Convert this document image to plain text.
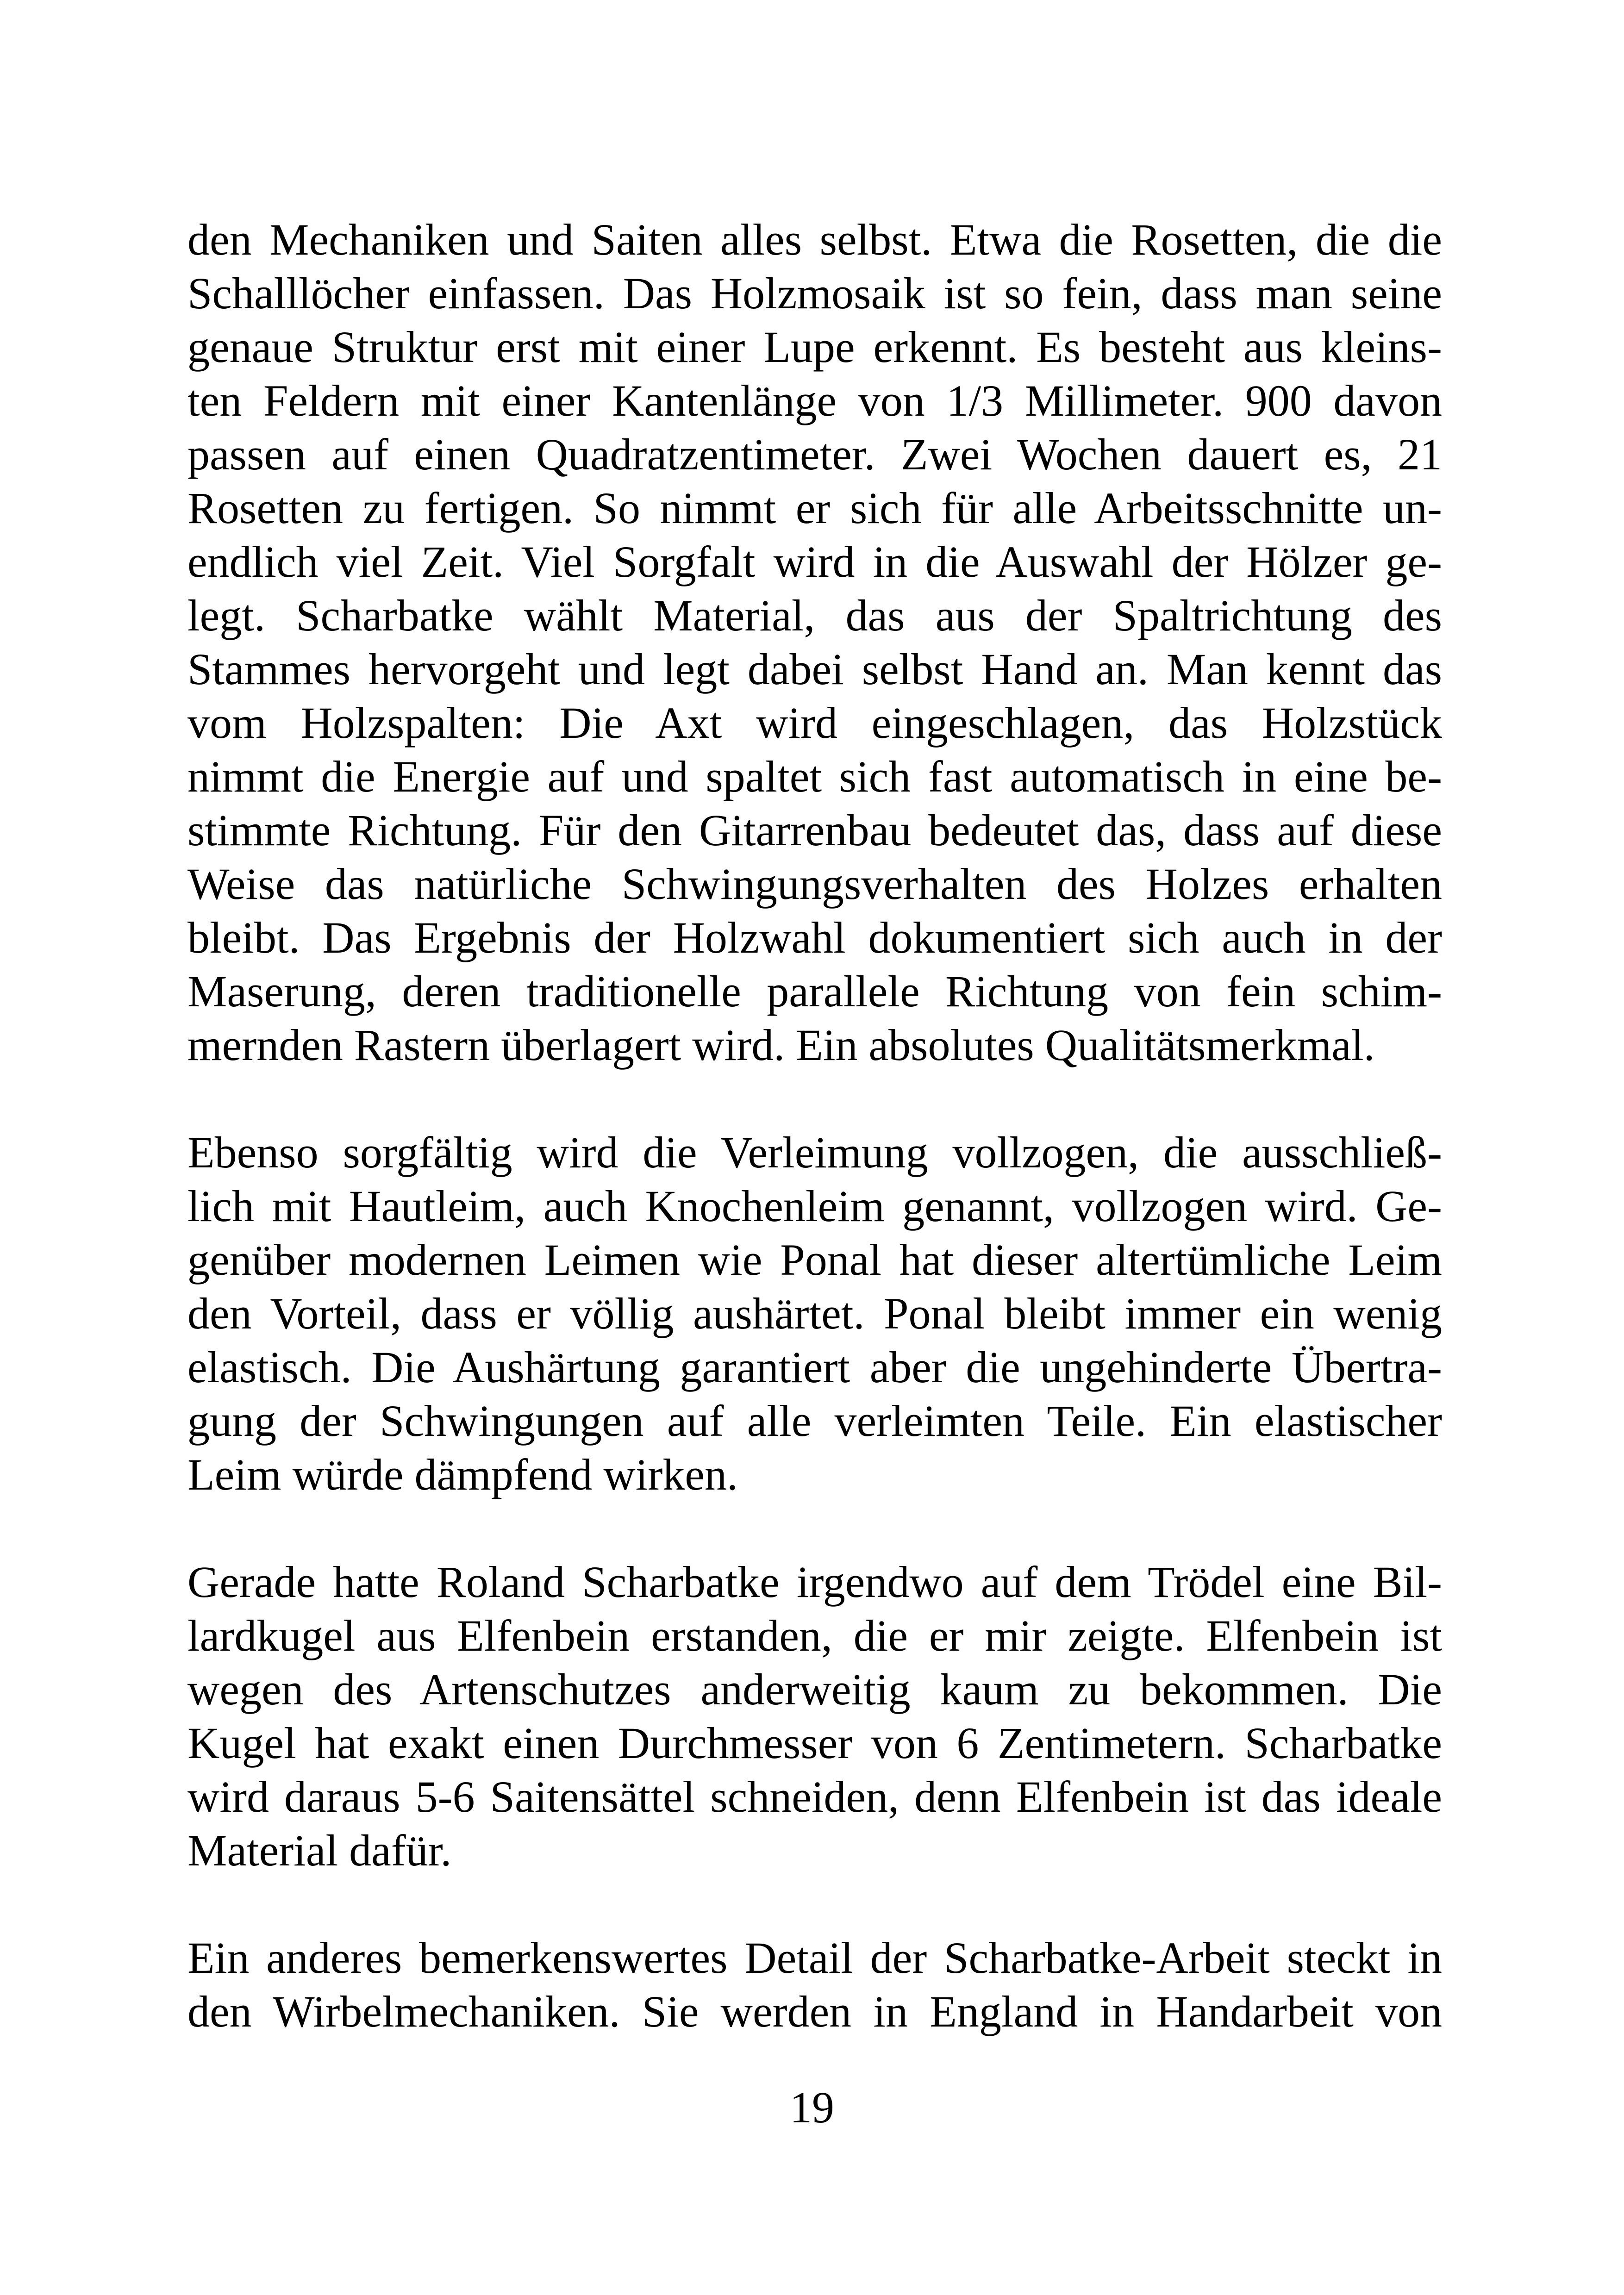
den Mechaniken und Saiten alles selbst. Etwa die Rosetten, die die
Schalllöcher einfassen. Das Holzmosaik ist so fein, dass man seine
genaue Struktur erst mit einer Lupe erkennt. Es besteht aus kleins-
ten Feldern mit einer Kantenlänge von 1/3 Millimeter. 900 davon
passen auf einen Quadratzentimeter. Zwei Wochen dauert es, 21
Rosetten zu fertigen. So nimmt er sich für alle Arbeitsschnitte un-
endlich viel Zeit. Viel Sorgfalt wird in die Auswahl der Hölzer ge-
legt. Scharbatke wählt Material, das aus der Spaltrichtung des
Stammes hervorgeht und legt dabei selbst Hand an. Man kennt das
vom Holzspalten: Die Axt wird eingeschlagen, das Holzstück
nimmt die Energie auf und spaltet sich fast automatisch in eine be-
stimmte Richtung. Für den Gitarrenbau bedeutet das, dass auf diese
Weise das natürliche Schwingungsverhalten des Holzes erhalten
bleibt. Das Ergebnis der Holzwahl dokumentiert sich auch in der
Maserung, deren traditionelle parallele Richtung von fein schim-
mernden Rastern überlagert wird. Ein absolutes Qualitätsmerkmal.
Ebenso sorgfältig wird die Verleimung vollzogen, die ausschließ-
lich mit Hautleim, auch Knochenleim genannt, vollzogen wird. Ge-
genüber modernen Leimen wie Ponal hat dieser altertümliche Leim
den Vorteil, dass er völlig aushärtet. Ponal bleibt immer ein wenig
elastisch. Die Aushärtung garantiert aber die ungehinderte Übertra-
gung der Schwingungen auf alle verleimten Teile. Ein elastischer
Leim würde dämpfend wirken.
Gerade hatte Roland Scharbatke irgendwo auf dem Trödel eine Bil-
lardkugel aus Elfenbein erstanden, die er mir zeigte. Elfenbein ist
wegen des Artenschutzes anderweitig kaum zu bekommen. Die
Kugel hat exakt einen Durchmesser von 6 Zentimetern. Scharbatke
wird daraus 5-6 Saitensättel schneiden, denn Elfenbein ist das ideale
Material dafür.
Ein anderes bemerkenswertes Detail der Scharbatke-Arbeit steckt in
den Wirbelmechaniken. Sie werden in England in Handarbeit von
19
